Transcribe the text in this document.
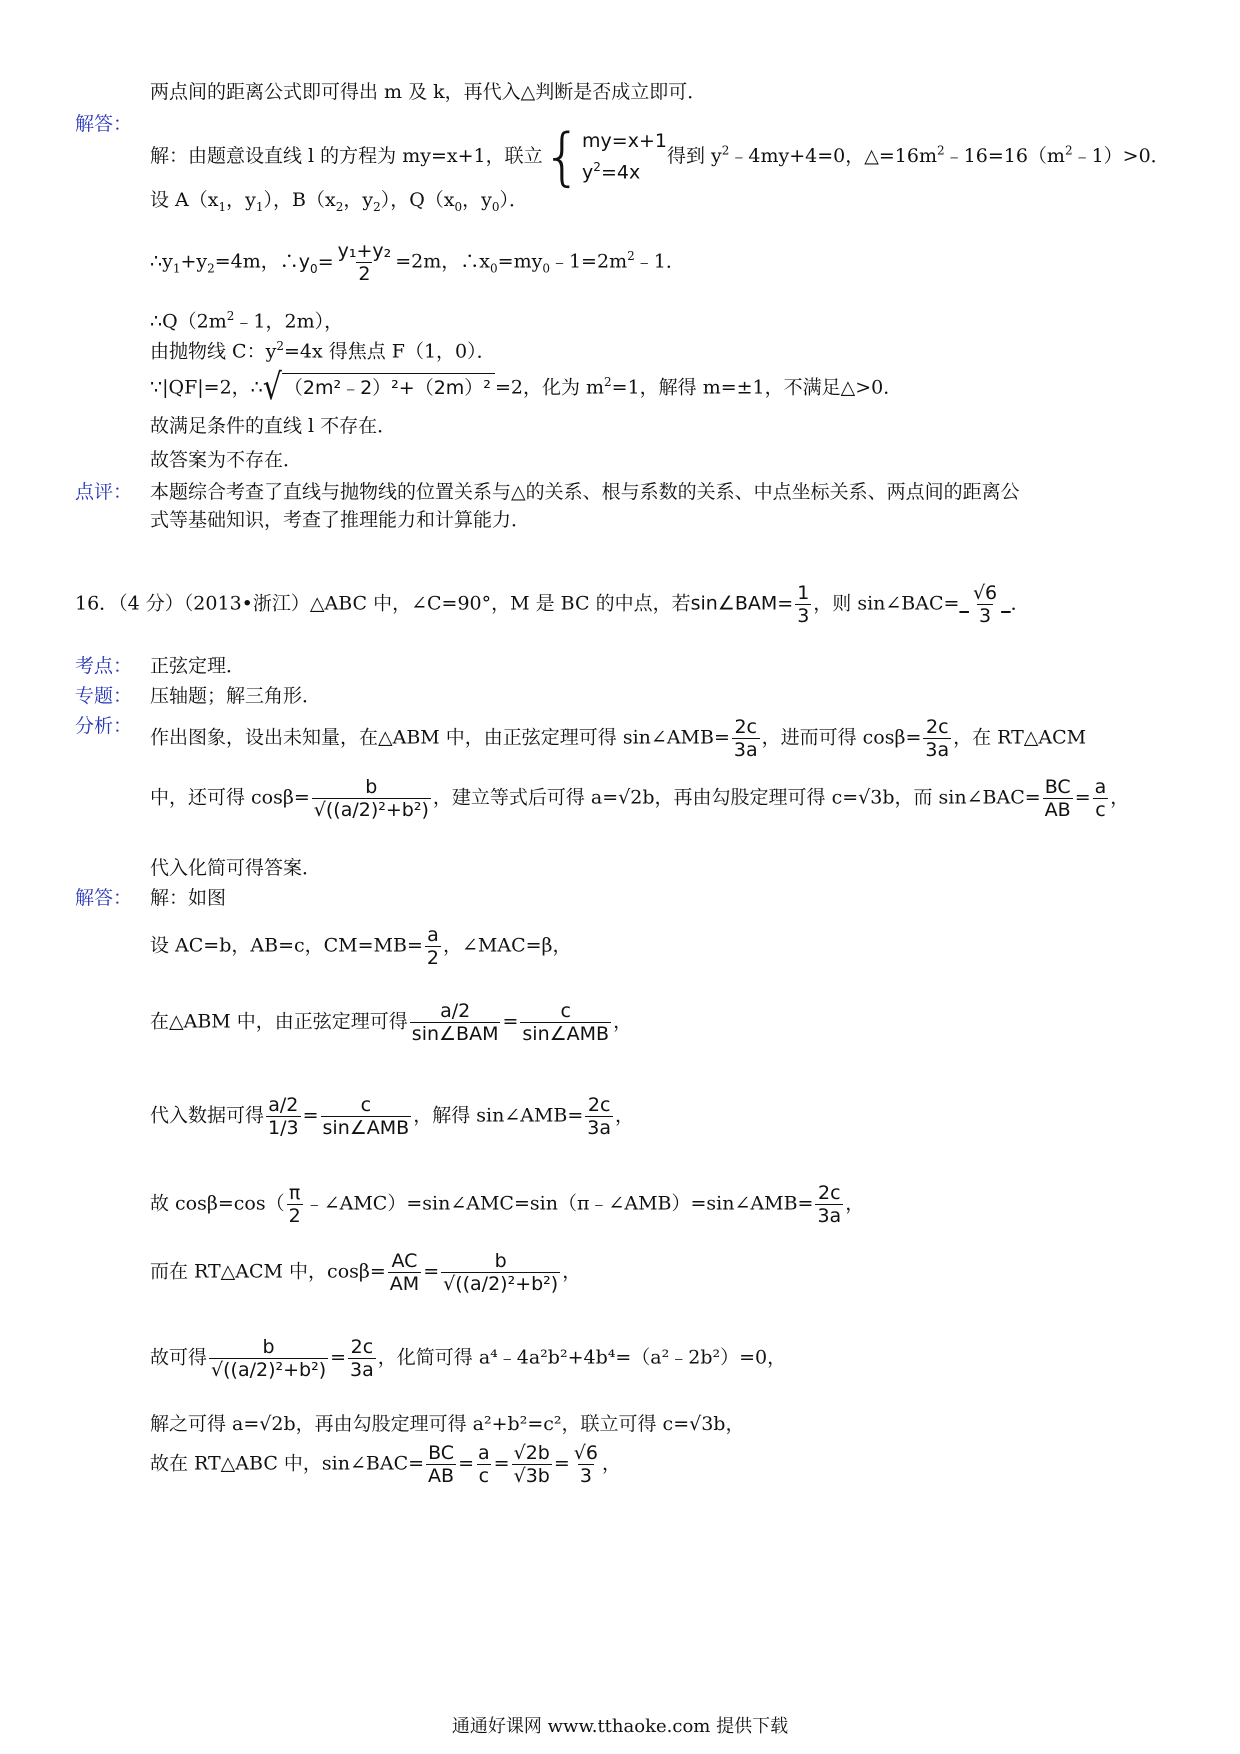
两点间的距离公式即可得出 m 及 k，再代入△判断是否成立即可．
解答：
解：由题意设直线 l 的方程为 my=x+1，联立 { my=x+1
$y^2=4x$
得到 $y^2﹣4my+4=0$，$\triangle=16m^2﹣16=16(m^2﹣1)>0$．
设 $A(x_1$，$y_1$），$B(x_2$，$y_2$），$Q(x_0$，$y_0$）．
$\therefore y_1+y_2=4m$，$\therefore y_0= \frac{\text{y₁+y₂}}{2} =2m$，$\therefore x_0=my_0﹣1=2m^2﹣1$．
$\therefore Q(2m^2﹣1$，2m），
由抛物线 C：$y^2=4x$ 得焦点 F（1，0）．
∵|QF|=2，∴ √ （2m²﹣2）²+（2m）² =2，化为 $m^2=1$，解得 m=±1，不满足△>0．
故满足条件的直线 l 不存在．
故答案为不存在．
点评： 本题综合考查了直线与抛物线的位置关系与△的关系、根与系数的关系、中点坐标关系、两点间的距离公
式等基础知识，考查了推理能力和计算能力．
16．（4 分）（2013•浙江）△ABC 中，∠C=90°，M 是 BC 的中点，若sin∠BAM= $\frac{1}{3}$ ，则 sin∠BAC=  $\frac{√6}{3}$
  ．
考点： 正弦定理．
专题： 压轴题；解三角形．
分析：
作出图象，设出未知量，在△ABM 中，由正弦定理可得 sin∠AMB= $\frac{2c}{3a}$ ，进而可得 $\cos\beta= \frac{2c}{3a}$ ，在 RT△ACM
中，还可得 $\cos\beta= \frac{b}{\text{√((a/2)²+b²)}}$ ，建立等式后可得 a=√2b，再由勾股定理可得 c=√3b，而 sin∠BAC= $\frac{BC}{AB} = \frac{a}{c}$ ，
代入化简可得答案．
解答： 解：如图
设 AC=b，AB=c，$CM=MB= \frac{a}{2}$ ，∠MAC=β，
在△ABM 中，由正弦定理可得 $\frac{a/2}{\text{sin∠BAM}} = \frac{c}{\text{sin∠AMB}}$ ，
代入数据可得 $\frac{a/2}{1/3} = \frac{c}{\text{sin∠AMB}}$ ，解得 sin∠AMB= $\frac{2c}{3a}$ ，
故 $\cos\beta=\cos( \frac{\pi}{2}$ ﹣∠AMC）=sin∠AMC=sin（π﹣∠AMB）=sin∠AMB= $\frac{2c}{3a}$ ，
而在 RT△ACM 中，$\cos\beta= \frac{AC}{AM} = \frac{b}{\text{√((a/2)²+b²)}}$ ，
故可得 $\frac{b}{\text{√((a/2)²+b²)}} = \frac{2c}{3a}$ ，化简可得 a⁴﹣4a²b²+4b⁴=（a²﹣2b²）=0，
解之可得 a=√2b，再由勾股定理可得 a²+b²=c²，联立可得 c=√3b，
故在 RT△ABC 中，sin∠BAC= $\frac{BC}{AB} = \frac{a}{c} = \frac{√2b}{√3b} = \frac{√6}{3}$ ，
通通好课网 www.tthaoke.com 提供下载
